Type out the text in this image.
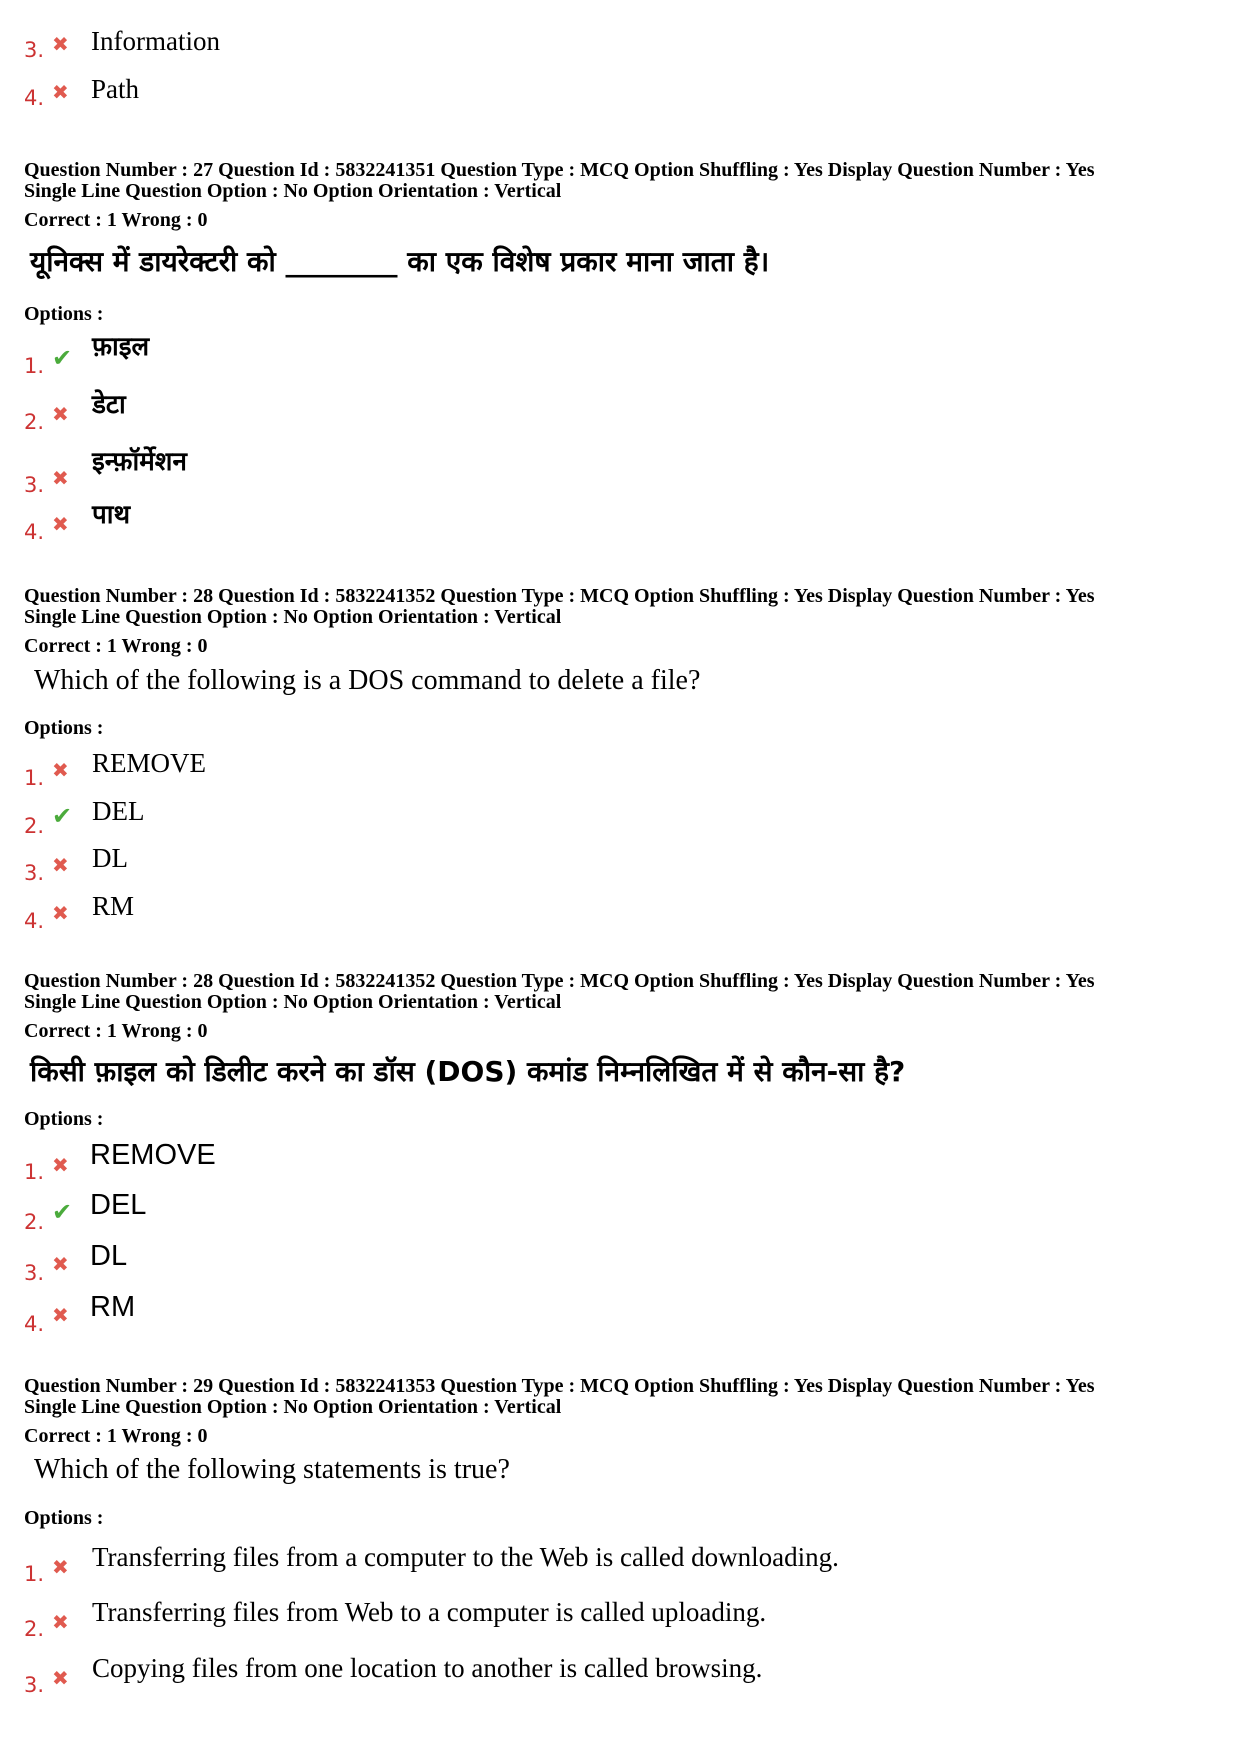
3. ✖ Information
4. ✖ Path
Question Number : 27 Question Id : 5832241351 Question Type : MCQ Option Shuffling : Yes Display Question Number : Yes
Single Line Question Option : No Option Orientation : Vertical
Correct : 1 Wrong : 0
यूनिक्स में डायरेक्टरी को ________ का एक विशेष प्रकार माना जाता है।
Options :
1. ✔ फ़ाइल
2. ✖ डेटा
3. ✖
इन्फ़ॉर्मेशन
4. ✖ पाथ
Question Number : 28 Question Id : 5832241352 Question Type : MCQ Option Shuffling : Yes Display Question Number : Yes
Single Line Question Option : No Option Orientation : Vertical
Correct : 1 Wrong : 0
Which of the following is a DOS command to delete a file?
Options :
1. ✖ REMOVE
2. ✔ DEL
3. ✖ DL
4. ✖ RM
Question Number : 28 Question Id : 5832241352 Question Type : MCQ Option Shuffling : Yes Display Question Number : Yes
Single Line Question Option : No Option Orientation : Vertical
Correct : 1 Wrong : 0
किसी फ़ाइल को डिलीट करने का डॉस (DOS) कमांड निम्नलिखित में से कौन-सा है?
Options :
1. ✖ REMOVE
2. ✔ DEL
3. ✖ DL
4. ✖ RM
Question Number : 29 Question Id : 5832241353 Question Type : MCQ Option Shuffling : Yes Display Question Number : Yes
Single Line Question Option : No Option Orientation : Vertical
Correct : 1 Wrong : 0
Which of the following statements is true?
Options :
1. ✖ Transferring files from a computer to the Web is called downloading.
2. ✖ Transferring files from Web to a computer is called uploading.
3. ✖ Copying files from one location to another is called browsing.
